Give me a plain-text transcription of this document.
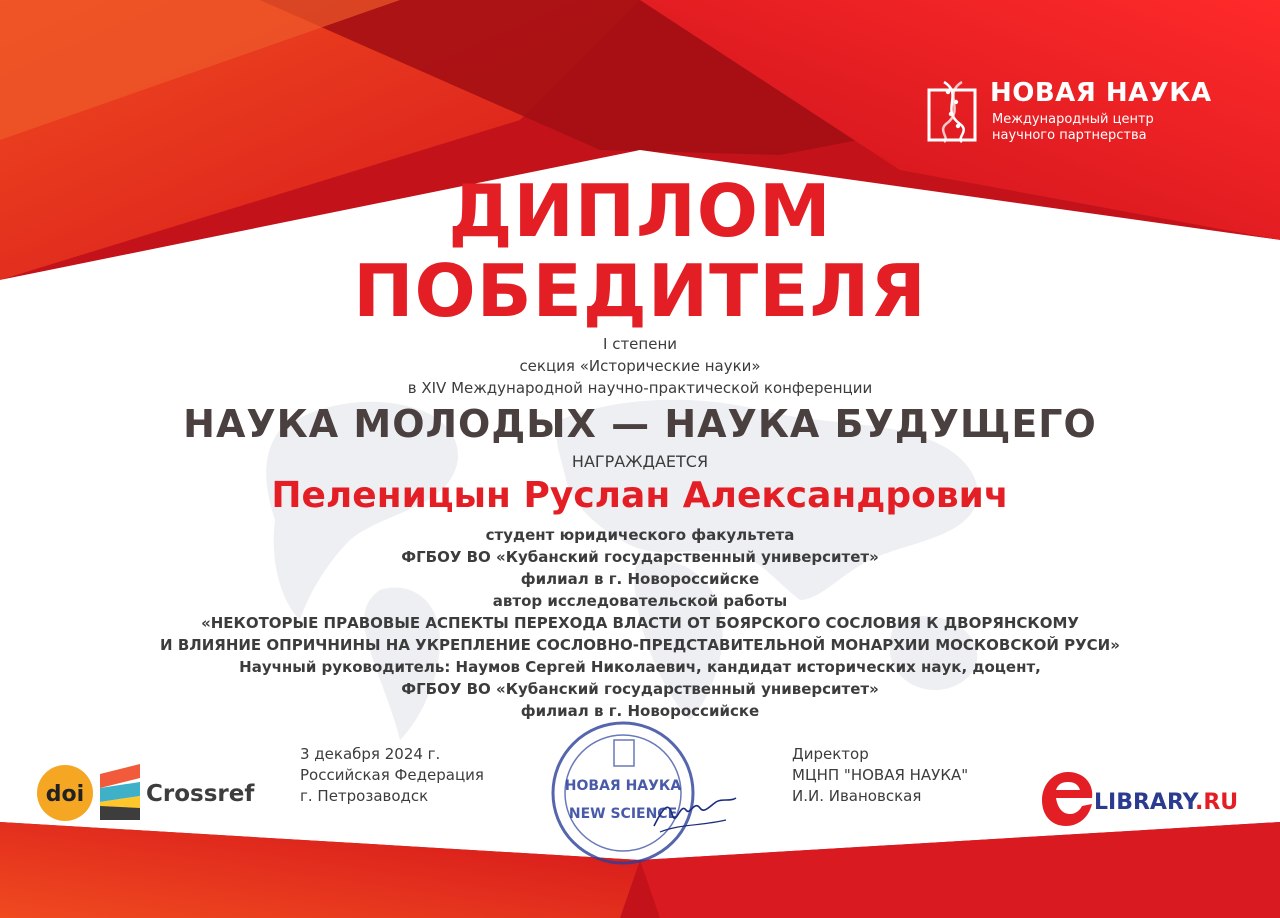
НОВАЯ НАУКА
Международный центр
научного партнерства
ДИПЛОМ
ПОБЕДИТЕЛЯ
I степени
секция «Исторические науки»
в XIV Международной научно-практической конференции
НАУКА МОЛОДЫХ — НАУКА БУДУЩЕГО
НАГРАЖДАЕТСЯ
Пеленицын Руслан Александрович
студент юридического факультета
ФГБОУ ВО «Кубанский государственный университет»
филиал в г. Новороссийске
автор исследовательской работы
«НЕКОТОРЫЕ ПРАВОВЫЕ АСПЕКТЫ ПЕРЕХОДА ВЛАСТИ ОТ БОЯРСКОГО СОСЛОВИЯ К ДВОРЯНСКОМУ
И ВЛИЯНИЕ ОПРИЧНИНЫ НА УКРЕПЛЕНИЕ СОСЛОВНО-ПРЕДСТАВИТЕЛЬНОЙ МОНАРХИИ МОСКОВСКОЙ РУСИ»
Научный руководитель: Наумов Сергей Николаевич, кандидат исторических наук, доцент,
ФГБОУ ВО «Кубанский государственный университет»
филиал в г. Новороссийске
3 декабря 2024 г.
Российская Федерация
г. Петрозаводск
Директор
МЦНП "НОВАЯ НАУКА"
И.И. Ивановская
doi	Crossref	LIBRARY.RU
НОВАЯ НАУКА
NEW SCIENCE
